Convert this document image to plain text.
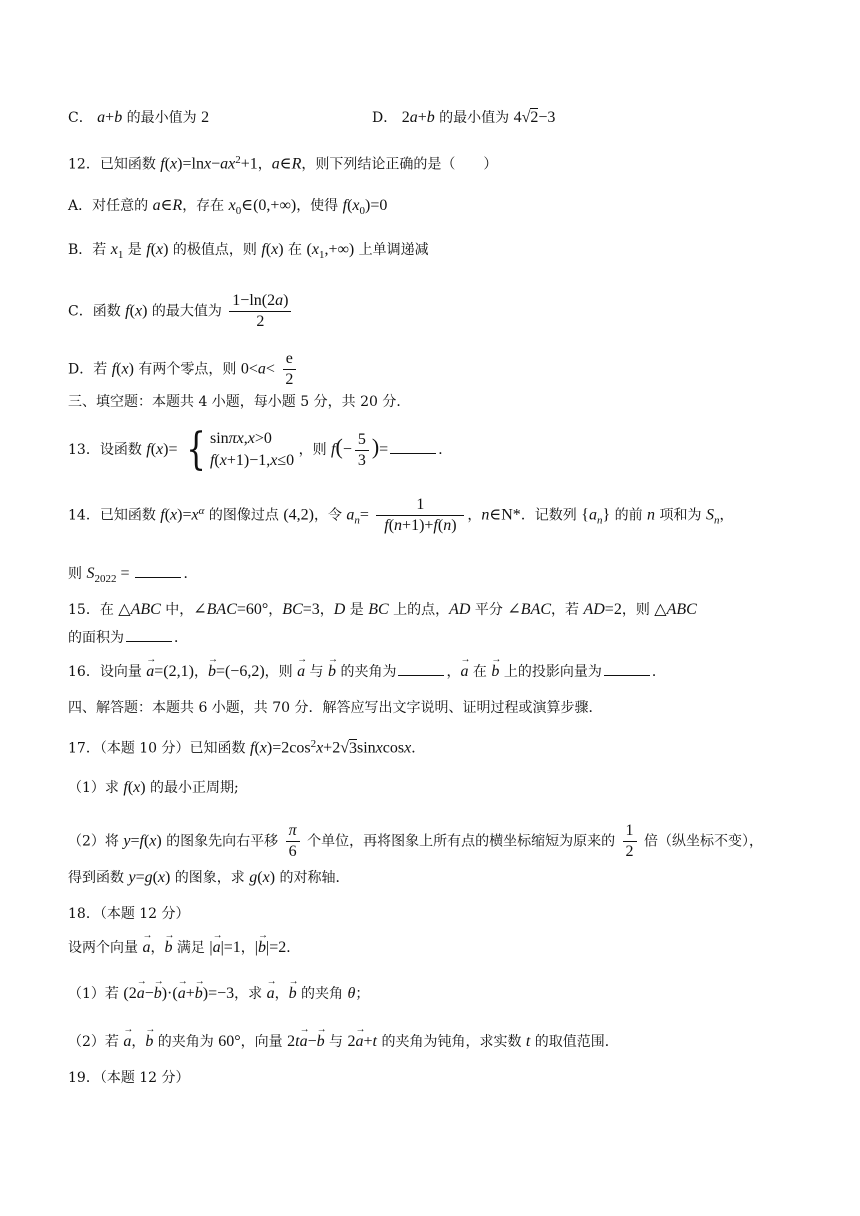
C． a+b 的最小值为 2	D． 2a+b 的最小值为 4√2−3
12．已知函数 $f(x)=\ln x-ax^2+1$，a∈R，则下列结论正确的是（　　）
A．对任意的 a∈R，存在 $x_0\in(0,+\infty)$，使得 $f(x_0)=0$
B．若 $x_1$ 是 f(x) 的极值点，则 f(x) 在 $(x_1,+\infty)$ 上单调递减
C．函数 f(x) 的最大值为 $\frac{1-\ln(2a)}{2}$
D．若 f(x) 有两个零点，则 $0<a< \frac{e}{2}$
三、填空题：本题共 4 小题，每小题 5 分，共 20 分．
13．设函数 f(x)= { sinπx,x>0
f(x+1)−1,x≤0
，则 $f(- \frac{5}{3}$ )=	．
14．已知函数 $f(x)=x^\alpha$ 的图像过点 (4,2)，令 $a_n= \frac{1}{f(n+1)+f(n)}$ ，n∈N*．记数列 $\{a_n\}$ 的前 n 项和为 $S_n$，
则 $S_{2022}$ =	．
15．在 △ABC 中，∠BAC=60°，BC=3，D 是 BC 上的点，AD 平分 ∠BAC，若 AD=2，则 △ABC
的面积为	．
16．设向量 → a=(2,1)，→ b=(−6,2)，则 → a 与 → b 的夹角为	，→ a 在 → b 上的投影向量为	．
四、解答题：本题共 6 小题，共 70 分．解答应写出文字说明、证明过程或演算步骤．
17．（本题 10 分）已知函数 $f(x)=2\cos^2x+2√3sinxcosx$．
（1）求 f(x) 的最小正周期;
（2）将 y=f(x) 的图象先向右平移 $\frac{\pi}{6}$ 个单位，再将图象上所有点的横坐标缩短为原来的 $\frac{1}{2}$ 倍（纵坐标不变），
得到函数 y=g(x) 的图象，求 g(x) 的对称轴．
18．（本题 12 分）
设两个向量 → a，→ b 满足 |→ a|=1，|→ b|=2．
（1）若 (2→ a−→ b)·(→ a+→ b)=−3，求 → a，→ b 的夹角 θ；
（2）若 → a，→ b 的夹角为 60°，向量 2t→ a−→ b 与 2→ a+t 的夹角为钝角，求实数 t 的取值范围．
19．（本题 12 分）
